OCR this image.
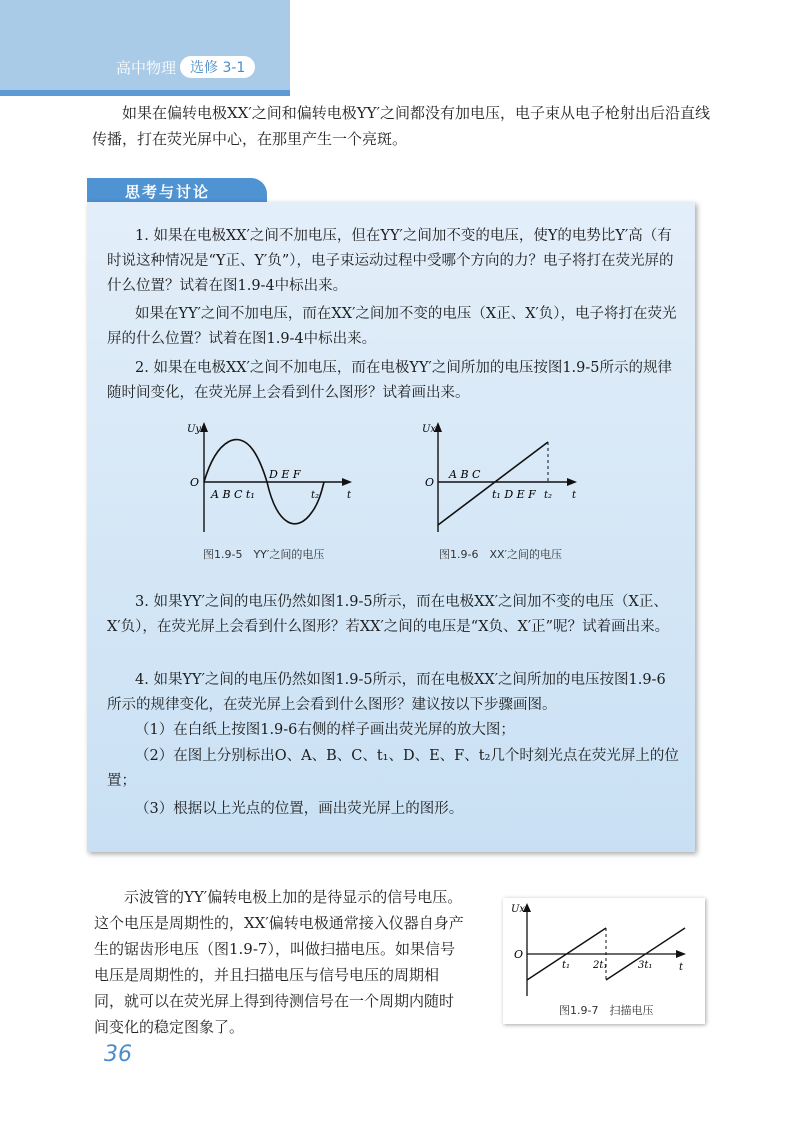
高中物理 选修 3-1

如果在偏转电极XX′之间和偏转电极YY′之间都没有加电压，电子束从电子枪射出后沿直线传播，打在荧光屏中心，在那里产生一个亮斑。

思考与讨论

1. 如果在电极XX′之间不加电压，但在YY′之间加不变的电压，使Y的电势比Y′高（有时说这种情况是“Y正、Y′负”），电子束运动过程中受哪个方向的力？电子将打在荧光屏的什么位置？试着在图1.9-4中标出来。

如果在YY′之间不加电压，而在XX′之间加不变的电压（X正、X′负），电子将打在荧光屏的什么位置？试着在图1.9-4中标出来。

2. 如果在电极XX′之间不加电压，而在电极YY′之间所加的电压按图1.9-5所示的规律随时间变化，在荧光屏上会看到什么图形？试着画出来。

Uy
O
t
A B C t₁
D E F
t₂
图1.9-5　YY′之间的电压
Ux
O
t
A B C
t₁ D E F t₂
图1.9-6　XX′之间的电压

3. 如果YY′之间的电压仍然如图1.9-5所示，而在电极XX′之间加不变的电压（X正、X′负），在荧光屏上会看到什么图形？若XX′之间的电压是“X负、X′正”呢？试着画出来。

4. 如果YY′之间的电压仍然如图1.9-5所示，而在电极XX′之间所加的电压按图1.9-6所示的规律变化，在荧光屏上会看到什么图形？建议按以下步骤画图。

（1）在白纸上按图1.9-6右侧的样子画出荧光屏的放大图；

（2）在图上分别标出O、A、B、C、t₁、D、E、F、t₂几个时刻光点在荧光屏上的位置；

（3）根据以上光点的位置，画出荧光屏上的图形。

示波管的YY′偏转电极上加的是待显示的信号电压。这个电压是周期性的，XX′偏转电极通常接入仪器自身产生的锯齿形电压（图1.9-7），叫做扫描电压。如果信号电压是周期性的，并且扫描电压与信号电压的周期相同，就可以在荧光屏上得到待测信号在一个周期内随时间变化的稳定图象了。

Ux
O
t
t₁ 2t₁	3t₁
图1.9-7　扫描电压
36
